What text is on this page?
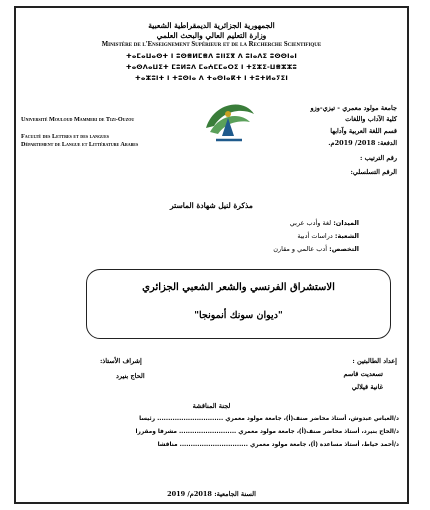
الجمهورية الجزائرية الديمقراطية الشعبية
وزارة التعليم العالي والبحث العلمي
Ministère de l'Enseignement Supérieur et de la Recherche Scientifique
ⵜⴰⵎⴰⵡⴰⵙⵜ ⵏ ⵓⵙⴻⵍⵎⴻⴷ ⵓⵏⵏⵉⴳ ⴷ ⵓⵏⴰⴷⵉ ⵓⵙⵙⵏⴰⵏ
ⵜⴰⵙⴷⴰⵡⵉⵜ ⵎⵓⵍⵓⴷ ⵎⴰⵄⵎⵎⴰⵔⵉ ⵏ ⵜⵉⵣⵉ-ⵡⴻⵣⵣⵓ
ⵜⴰⵣⵓⵏⵜ ⵏ ⵜⵓⵙⵏⴰ ⴷ ⵜⴰⵙⵏⴰⴽⵜ ⵏ ⵜⵓⵜⵍⴰⵢⵉⵏ
Université Mouloud Mammeri de Tizi-Ouzou
Faculté des Lettres et des langues
Département de Langue et Littérature Arabes
جامعة مولود معمري - تيزي-وزو
كلية الآداب واللغات
قسم اللغة العربية وآدابها
الدفعة: 2018/ 2019م.
رقم الترتيب :
الرقم التسلسلي:
مذكرة لنيل شهادة الماستر
الميدان: لغة وأدب عربي
الشعبة: دراسات أدبية
التخصص: أدب عالمي و مقارن
الاستشراق الفرنسي والشعر الشعبي الجزائري
"ديوان سونك أنمونجا"
إعداد الطالبتين :
تسعديت قاسم
غانية قيلالي
إشراف الأستاذ:
الحاج بنيرد
لجنة المناقشة
د/العباس عبدوش، أستاذ محاضر صنف(أ)، جامعة مولود معمري .............................. رئيسا
د/الحاج بنيرد، أستاذ محاضر صنف(أ)، جامعة مولود معمري .......................... مشرفا ومقررا
د/أحمد خياط، أستاذ مساعدة (أ)، جامعة مولود معمري ............................... مناقشا
السنة الجامعية: 2018م/ 2019
